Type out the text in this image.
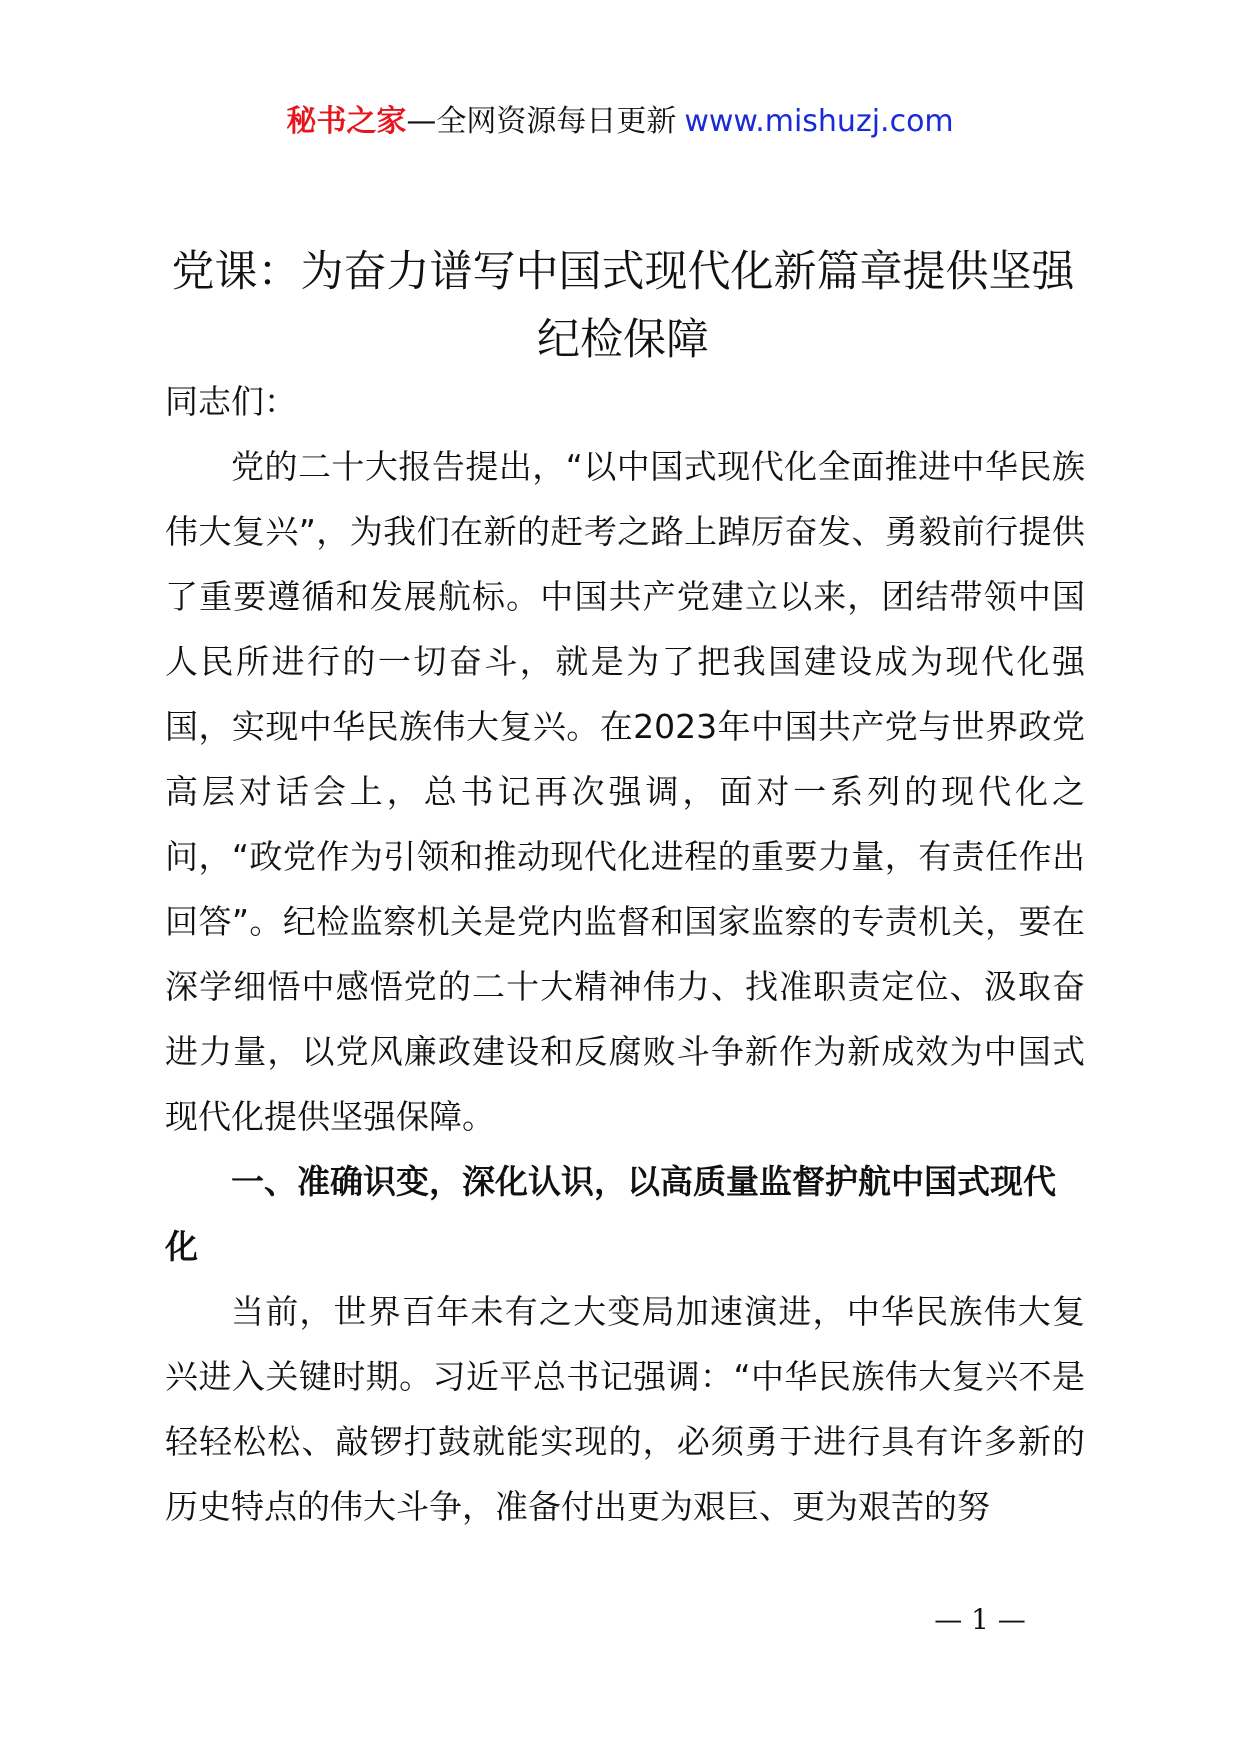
秘书之家—全网资源每日更新 www.mishuzj.com
党课：为奋力谱写中国式现代化新篇章提供坚强纪检保障

同志们：

党的二十大报告提出，“以中国式现代化全面推进中华民族伟大复兴”，为我们在新的赶考之路上踔厉奋发、勇毅前行提供了重要遵循和发展航标。中国共产党建立以来，团结带领中国人民所进行的一切奋斗，就是为了把我国建设成为现代化强国，实现中华民族伟大复兴。在2023年中国共产党与世界政党高层对话会上，总书记再次强调，面对一系列的现代化之问，“政党作为引领和推动现代化进程的重要力量，有责任作出回答”。纪检监察机关是党内监督和国家监察的专责机关，要在深学细悟中感悟党的二十大精神伟力、找准职责定位、汲取奋进力量，以党风廉政建设和反腐败斗争新作为新成效为中国式现代化提供坚强保障。

一、准确识变，深化认识，以高质量监督护航中国式现代化

当前，世界百年未有之大变局加速演进，中华民族伟大复兴进入关键时期。习近平总书记强调：“中华民族伟大复兴不是轻轻松松、敲锣打鼓就能实现的，必须勇于进行具有许多新的历史特点的伟大斗争，准备付出更为艰巨、更为艰苦的努

— 1 —
